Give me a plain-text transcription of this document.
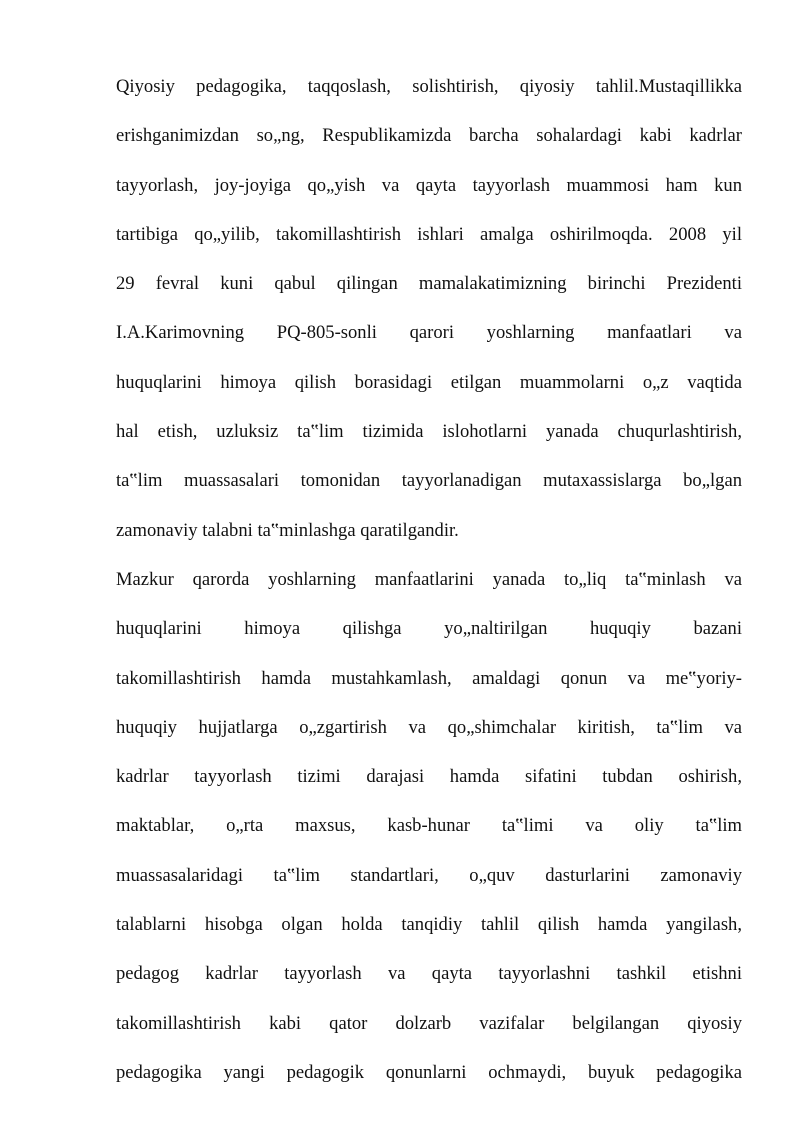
Qiyosiy pedagogika, taqqoslash, solishtirish, qiyosiy tahlil.Mustaqillikka
erishganimizdan so„ng, Respublikamizda barcha sohalardagi kabi kadrlar
tayyorlash, joy-joyiga qo„yish va qayta tayyorlash muammosi ham kun
tartibiga qo„yilib, takomillashtirish ishlari amalga oshirilmoqda. 2008 yil
29 fevral kuni qabul qilingan mamalakatimizning birinchi Prezidenti
I.A.Karimovning PQ-805-sonli qarori yoshlarning manfaatlari va
huquqlarini himoya qilish borasidagi etilgan muammolarni o„z vaqtida
hal etish, uzluksiz ta‟lim tizimida islohotlarni yanada chuqurlashtirish,
ta‟lim muassasalari tomonidan tayyorlanadigan mutaxassislarga bo„lgan
zamonaviy talabni ta‟minlashga qaratilgandir.
Mazkur qarorda yoshlarning manfaatlarini yanada to„liq ta‟minlash va
huquqlarini himoya qilishga yo„naltirilgan huquqiy bazani
takomillashtirish hamda mustahkamlash, amaldagi qonun va me‟yoriy-
huquqiy hujjatlarga o„zgartirish va qo„shimchalar kiritish, ta‟lim va
kadrlar tayyorlash tizimi darajasi hamda sifatini tubdan oshirish,
maktablar, o„rta maxsus, kasb-hunar ta‟limi va oliy ta‟lim
muassasalaridagi ta‟lim standartlari, o„quv dasturlarini zamonaviy
talablarni hisobga olgan holda tanqidiy tahlil qilish hamda yangilash,
pedagog kadrlar tayyorlash va qayta tayyorlashni tashkil etishni
takomillashtirish kabi qator dolzarb vazifalar belgilangan qiyosiy
pedagogika yangi pedagogik qonunlarni ochmaydi, buyuk pedagogika
